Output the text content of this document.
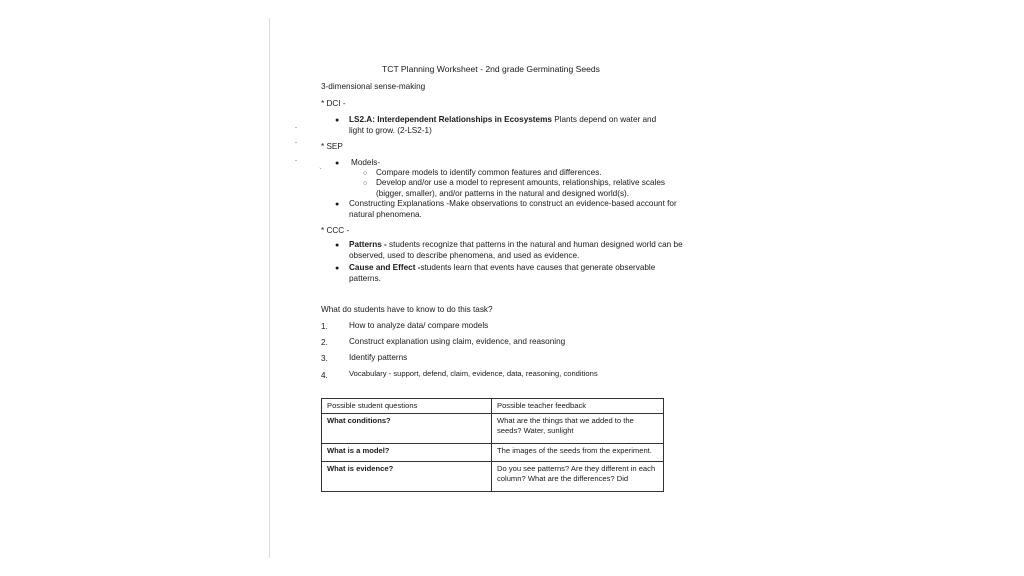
TCT Planning Worksheet - 2nd grade Germinating Seeds
3-dimensional sense-making
* DCI -
● LS2.A: Interdependent Relationships in Ecosystems Plants depend on water and light to grow. (2-LS2-1)
* SEP
`
● Models-
○ Compare models to identify common features and differences.
○ Develop and/or use a model to represent amounts, relationships, relative scales (bigger, smaller), and/or patterns in the natural and designed world(s).
● Constructing Explanations -Make observations to construct an evidence-based account for natural phenomena.
* CCC -
● Patterns - students recognize that patterns in the natural and human designed world can be observed, used to describe phenomena, and used as evidence.
● Cause and Effect -students learn that events have causes that generate observable patterns.
What do students have to know to do this task?
1.	How to analyze data/ compare models
2.	Construct explanation using claim, evidence, and reasoning
3.	Identify patterns
4.	Vocabulary - support, defend, claim, evidence, data, reasoning, conditions
Possible student questions	Possible teacher feedback
What conditions?	What are the things that we added to the seeds? Water, sunlight
What is a model?	The images of the seeds from the experiment.
What is evidence?	Do you see patterns? Are they different in each column? What are the differences? Did
